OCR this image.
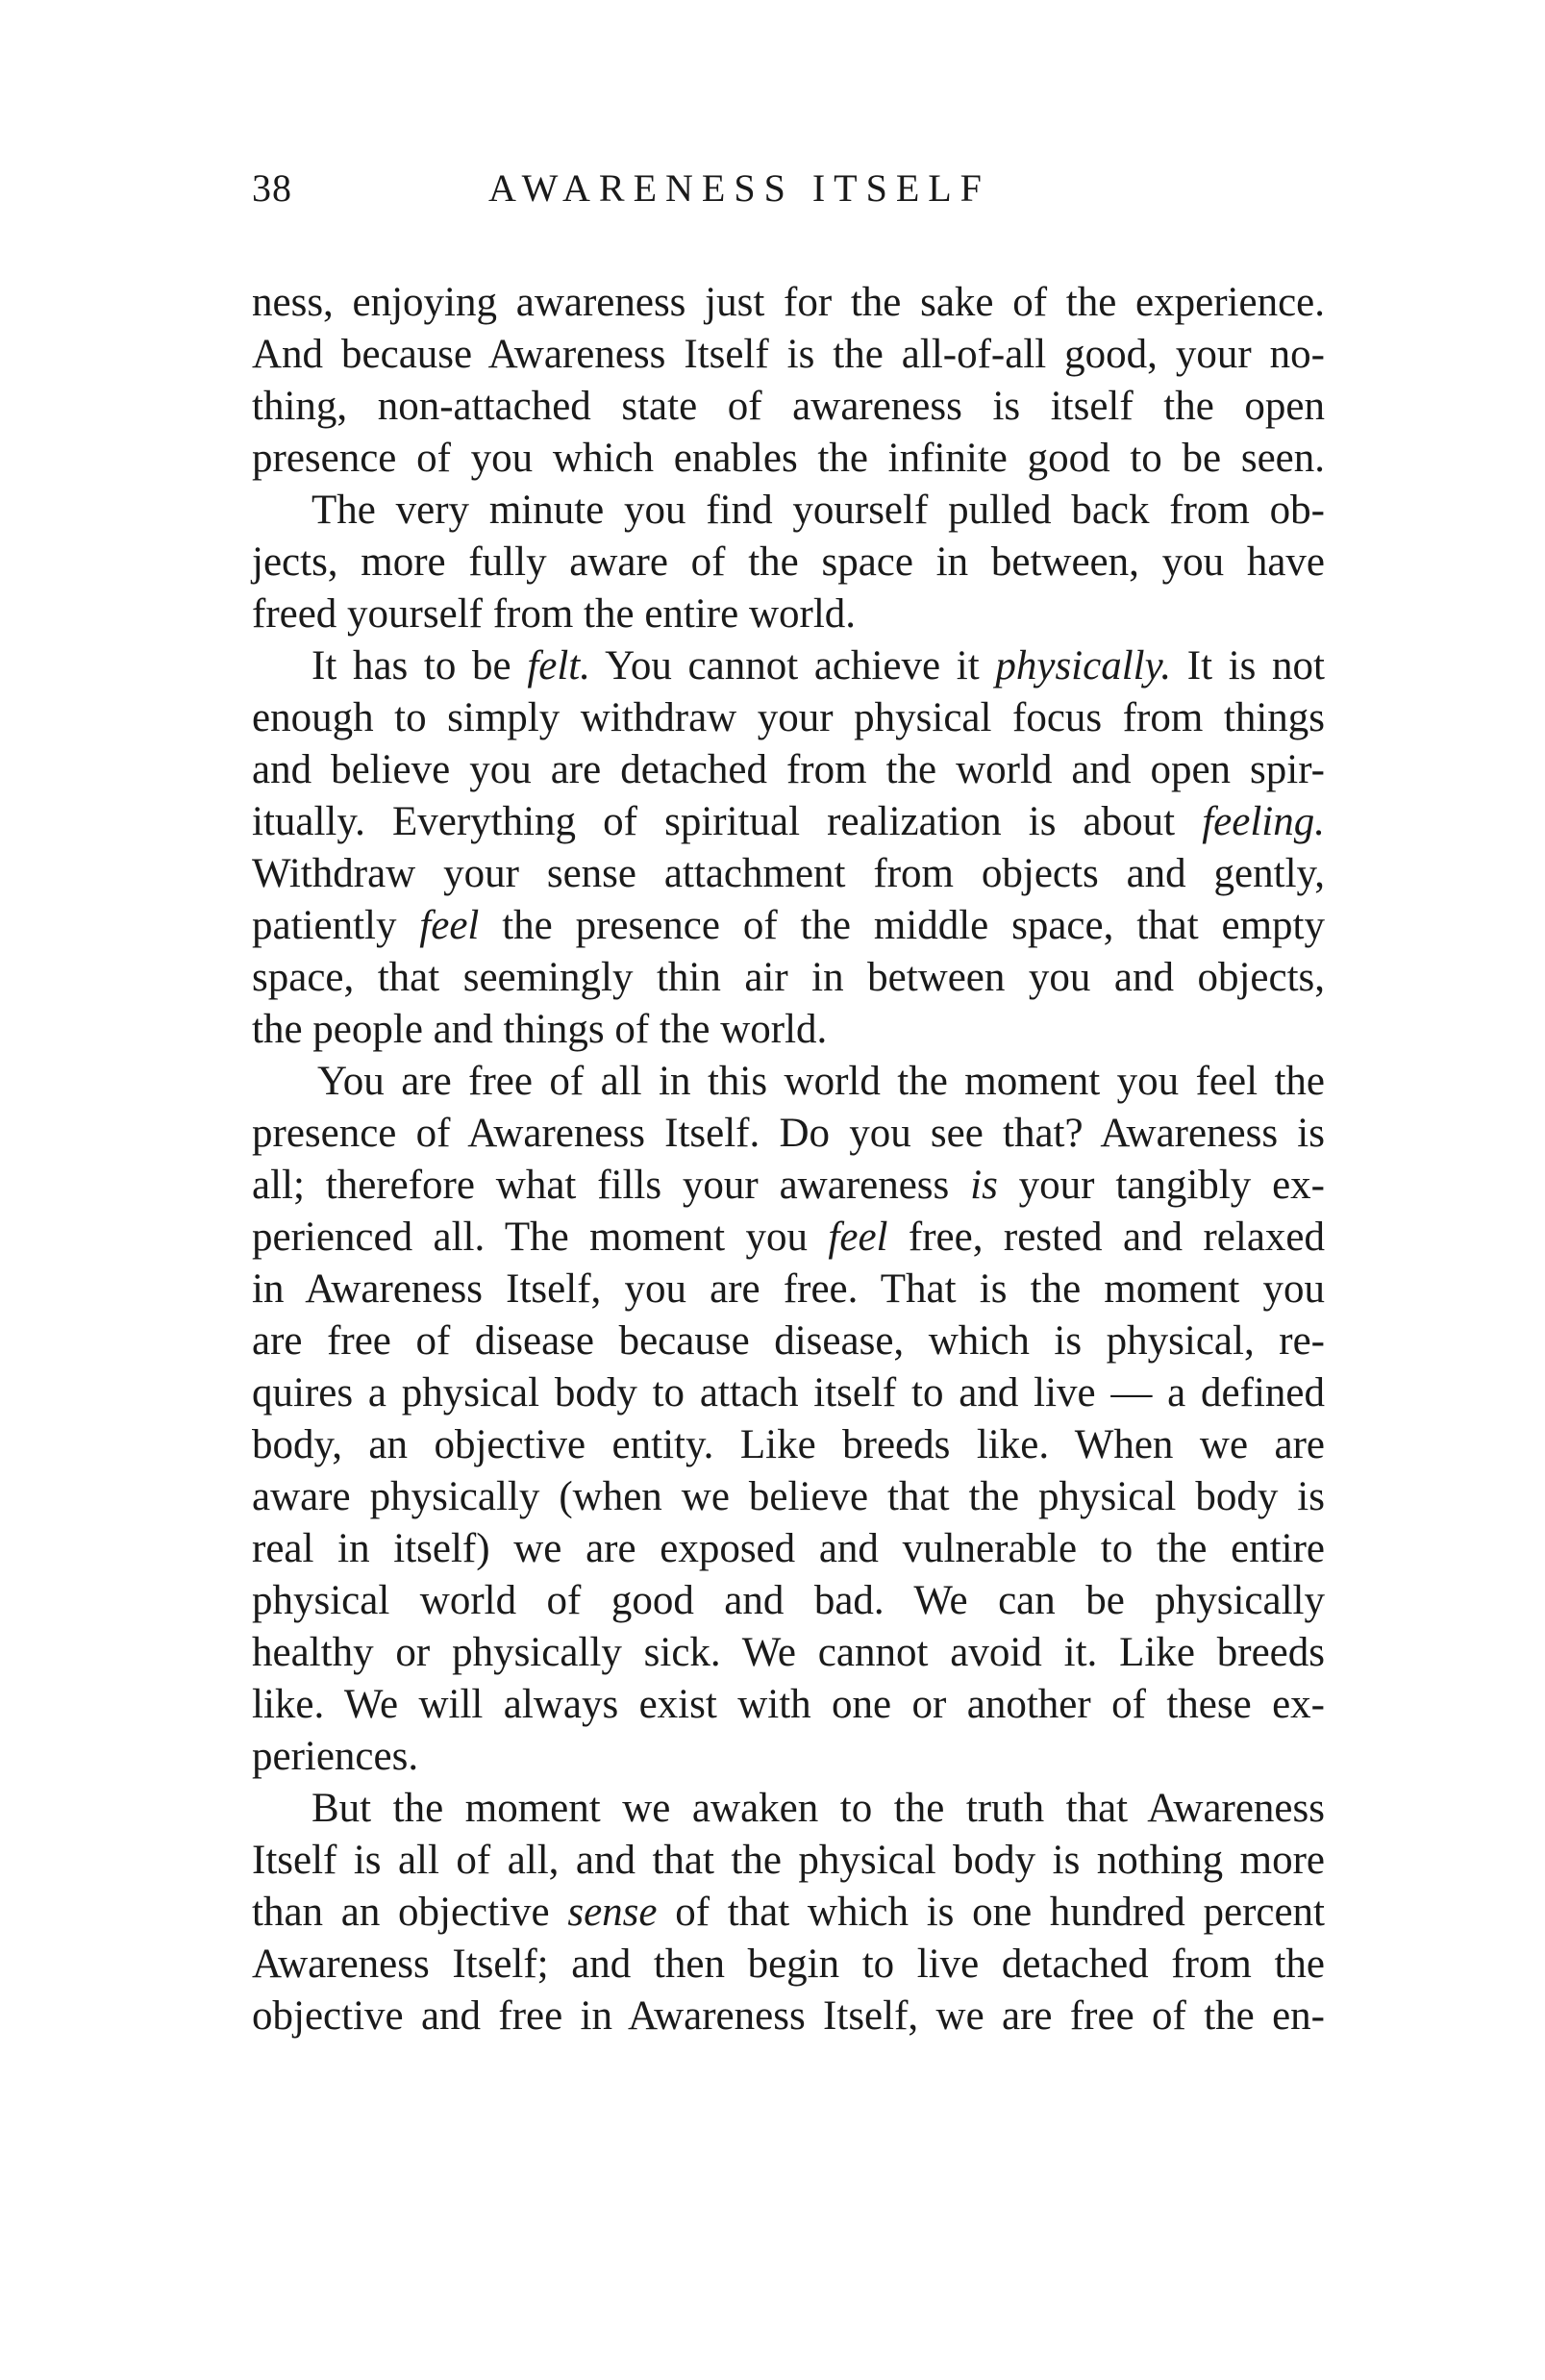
38	AWARENESS ITSELF
ness, enjoying awareness just for the sake of the experience.
And because Awareness Itself is the all-of-all good, your no-
thing, non-attached state of awareness is itself the open
presence of you which enables the infinite good to be seen.
The very minute you find yourself pulled back from ob-
jects, more fully aware of the space in between, you have
freed yourself from the entire world.
It has to be felt. You cannot achieve it physically. It is not
enough to simply withdraw your physical focus from things
and believe you are detached from the world and open spir-
itually. Everything of spiritual realization is about feeling.
Withdraw your sense attachment from objects and gently,
patiently feel the presence of the middle space, that empty
space, that seemingly thin air in between you and objects,
the people and things of the world.
You are free of all in this world the moment you feel the
presence of Awareness Itself. Do you see that? Awareness is
all; therefore what fills your awareness is your tangibly ex-
perienced all. The moment you feel free, rested and relaxed
in Awareness Itself, you are free. That is the moment you
are free of disease because disease, which is physical, re-
quires a physical body to attach itself to and live — a defined
body, an objective entity. Like breeds like. When we are
aware physically (when we believe that the physical body is
real in itself) we are exposed and vulnerable to the entire
physical world of good and bad. We can be physically
healthy or physically sick. We cannot avoid it. Like breeds
like. We will always exist with one or another of these ex-
periences.
But the moment we awaken to the truth that Awareness
Itself is all of all, and that the physical body is nothing more
than an objective sense of that which is one hundred percent
Awareness Itself; and then begin to live detached from the
objective and free in Awareness Itself, we are free of the en-
